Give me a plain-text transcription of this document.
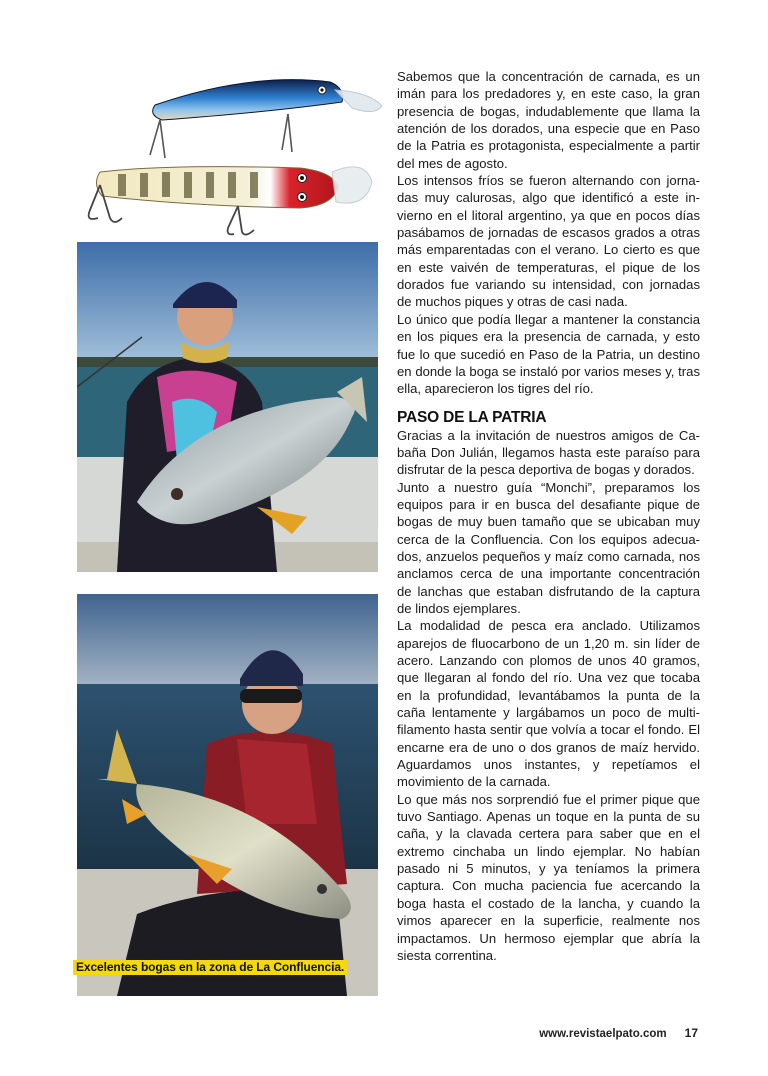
Excelentes bogas en la zona de La Confluencia.

Sabemos que la concentración de carnada, es un imán para los predadores y, en este caso, la gran presencia de bogas, indudablemente que llama la atención de los dorados, una especie que en Paso de la Patria es protagonista, especialmente a partir del mes de agosto.

Los intensos fríos se fueron alternando con jornadas muy calurosas, algo que identificó a este invierno en el litoral argentino, ya que en pocos días pasábamos de jornadas de escasos grados a otras más emparentadas con el verano. Lo cierto es que en este vaivén de temperaturas, el pique de los dorados fue variando su intensidad, con jornadas de muchos piques y otras de casi nada.

Lo único que podía llegar a mantener la constancia en los piques era la presencia de carnada, y esto fue lo que sucedió en Paso de la Patria, un destino en donde la boga se instaló por varios meses y, tras ella, aparecieron los tigres del río.

PASO DE LA PATRIA

Gracias a la invitación de nuestros amigos de Cabaña Don Julián, llegamos hasta este paraíso para disfrutar de la pesca deportiva de bogas y dorados.

Junto a nuestro guía “Monchi”, preparamos los equipos para ir en busca del desafiante pique de bogas de muy buen tamaño que se ubicaban muy cerca de la Confluencia. Con los equipos adecuados, anzuelos pequeños y maíz como carnada, nos anclamos cerca de una importante concentración de lanchas que estaban disfrutando de la captura de lindos ejemplares.

La modalidad de pesca era anclado. Utilizamos aparejos de fluocarbono de un 1,20 m. sin líder de acero. Lanzando con plomos de unos 40 gramos, que llegaran al fondo del río. Una vez que tocaba en la profundidad, levantábamos la punta de la caña lentamente y largábamos un poco de multifilamento hasta sentir que volvía a tocar el fondo. El encarne era de uno o dos granos de maíz hervido. Aguardamos unos instantes, y repetíamos el movimiento de la carnada.

Lo que más nos sorprendió fue el primer pique que tuvo Santiago. Apenas un toque en la punta de su caña, y la clavada certera para saber que en el extremo cinchaba un lindo ejemplar. No habían pasado ni 5 minutos, y ya teníamos la primera captura. Con mucha paciencia fue acercando la boga hasta el costado de la lancha, y cuando la vimos aparecer en la superficie, realmente nos impactamos. Un hermoso ejemplar que abría la siesta correntina.

www.revistaelpato.com 17
